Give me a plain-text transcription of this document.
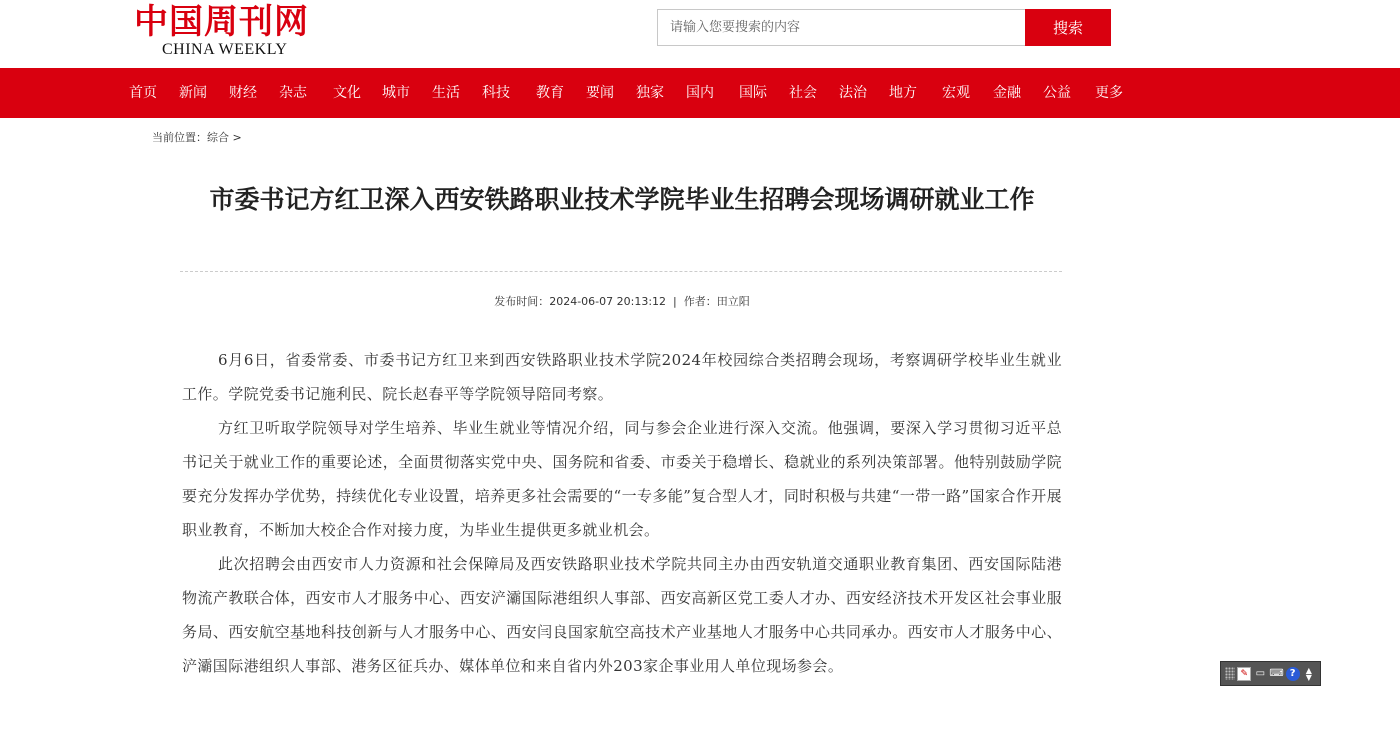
中国周刊网
CHINA WEEKLY
请输入您要搜索的内容
搜索
首页 新闻 财经 杂志 文化 城市 生活 科技 教育 要闻 独家 国内 国际 社会 法治 地方 宏观 金融 公益 更多
当前位置：综合 >
市委书记方红卫深入西安铁路职业技术学院毕业生招聘会现场调研就业工作
发布时间：2024-06-07 20:13:12 | 作者：田立阳

6月6日，省委常委、市委书记方红卫来到西安铁路职业技术学院2024年校园综合类招聘会现场，考察调研学校毕业生就业工作。学院党委书记施利民、院长赵春平等学院领导陪同考察。

方红卫听取学院领导对学生培养、毕业生就业等情况介绍，同与参会企业进行深入交流。他强调，要深入学习贯彻习近平总书记关于就业工作的重要论述，全面贯彻落实党中央、国务院和省委、市委关于稳增长、稳就业的系列决策部署。他特别鼓励学院要充分发挥办学优势，持续优化专业设置，培养更多社会需要的“一专多能”复合型人才，同时积极与共建“一带一路”国家合作开展职业教育，不断加大校企合作对接力度，为毕业生提供更多就业机会。

此次招聘会由西安市人力资源和社会保障局及西安铁路职业技术学院共同主办由西安轨道交通职业教育集团、西安国际陆港物流产教联合体，西安市人才服务中心、西安浐灞国际港组织人事部、西安高新区党工委人才办、西安经济技术开发区社会事业服务局、西安航空基地科技创新与人才服务中心、西安闫良国家航空高技术产业基地人才服务中心共同承办。西安市人才服务中心、浐灞国际港组织人事部、港务区征兵办、媒体单位和来自省内外203家企事业用人单位现场参会。	✎ ▭ ⌨ ?	▲
▼
